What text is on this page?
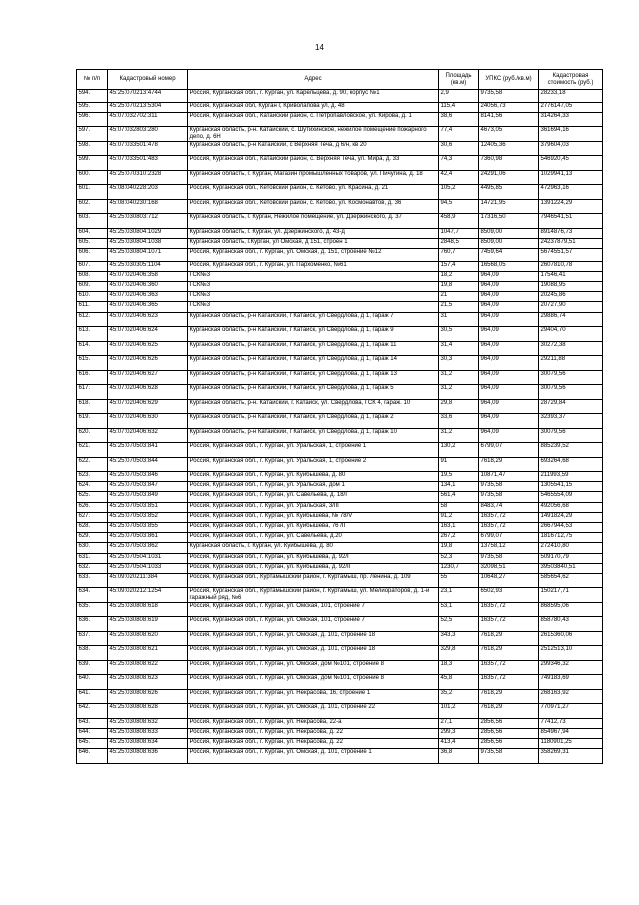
14
№ п/п	Кадастровый номер	Адрес	Площадь (кв.м)	УПКС (руб./кв.м)	Кадастровая стоимость (руб.)
594.	45:25:070213:4744	Россия, Курганская обл., г. Курган, ул. Карельцева, д. 90, корпус №1	2,9	9735,58	28233,18
595.	45:25:070213:5304	Россия, Курганская обл, Курган г, Криволапова ул, д. 48	115,4	24056,73	2776147,05
596.	45:07:032702:311	Россия, Курганская обл., Катайский район, с. Петропавловское, ул. Кирова, д. 1	38,6	8141,56	314264,33
597.	45:07:032803:280	Курганская область, р-н. Катайский, с. Шутихинское, нежилое помещение пожарного депо, д. 6Н	77,4	4673,05	361694,16
598.	45:07:033501:478	Курганская область, р-н Катайский, с Верхняя Теча, д 6/н, кв 20	30,6	12405,36	379604,03
599.	45:07:033501:483	Россия, Курганская обл., Катайский район, с. Верхняя Теча, ул. Мира, д. 33	74,3	7360,98	546920,45
600.	45:25:070310:2328	Курганская область, г. Курган, Магазин промышленных товаров, ул. Пичугина, д. 18	42,4	24291,06	1029941,13
601.	45:08:040228:203	Россия, Курганская обл., Кетовский район, с. Кетово, ул. Красина, д. 21	105,2	4495,85	472963,16
602.	45:08:040230:168	Россия, Курганская обл., Кетовский район, с. Кетово, ул. Космонавтов, д. 36	94,5	14721,95	1391224,29
603.	45:25:030803:712	Курганская область, г. Курган, Нежилое помещение, ул. Дзержинского, д. 37	458,9	17316,50	7946541,51
604.	45:25:030804:1029	Курганская область, г. Курган, ул. Дзержинского, д. 43-д	1047,7	8509,00	8914876,73
605.	45:25:030804:1038	Курганская область, г.Курган, ул Омская, д 151, строен 1	2848,5	8509,00	24237879,51
606.	45:25:030804:1071	Россия, Курганская обл., г. Курган, ул. Омская, д. 151, строение №12	760,7	7459,64	5674551,57
607.	45:25:030305:1104	Россия, Курганская обл., г. Курган, ул. Пархоменко, №61	157,4	16568,05	2607810,78
608.	45:07:020406:358	ГСК№3	18,2	964,09	17546,41
609.	45:07:020406:360	ГСК№3	19,8	964,09	19088,95
610.	45:07:020406:363	ГСК№3	21	964,09	20245,86
611.	45:07:020406:365	ГСК№3	21,5	964,09	20727,90
612.	45:07:020406:623	Курганская область, р-н Катайский, г Катайск, ул Свердлова, д 1, гараж 7	31	964,09	29886,74
613.	45:07:020406:624	Курганская область, р-н Катайский, г Катайск, ул Свердлова, д 1, гараж 9	30,5	964,09	29404,70
614.	45:07:020406:625	Курганская область, р-н Катайский, г Катайск, ул Свердлова, д 1, гараж 11	31,4	964,09	30272,38
615.	45:07:020406:626	Курганская область, р-н Катайский, г Катайск, ул Свердлова, д 1, гараж 14	30,3	964,09	29211,88
616.	45:07:020406:627	Курганская область, р-н Катайский, г Катайск, ул Свердлова, д 1, гараж 13	31,2	964,09	30079,56
617.	45:07:020406:628	Курганская область, р-н Катайский, г Катайск, ул Свердлова, д 1, гараж 5	31,2	964,09	30079,56
618.	45:07:020406:629	Курганская область, р-н. Катайский, г. Катайск, ул. Свердлова, ГСК 4, гараж. 10	29,8	964,09	28729,84
619.	45:07:020406:630	Курганская область, р-н Катайский, г Катайск, ул Свердлова, д 1, гараж 2	33,6	964,09	32393,37
620.	45:07:020406:632	Курганская область, р-н Катайский, г Катайск, ул Свердлова, д 1, гараж 10	31,2	964,09	30079,56
621.	45:25:070503:841	Россия, Курганская обл., г. Курган, ул. Уральская, 1, строение 1	130,2	6799,07	885239,52
622.	45:25:070503:844	Россия, Курганская обл., г. Курган, ул. Уральская, 1, строение 2	91	7618,29	693264,68
623.	45:25:070503:846	Россия, Курганская обл., г. Курган, ул. Куйбышева, д. 80	19,5	10871,47	211993,59
624.	45:25:070503:847	Россия, Курганская обл., г. Курган, ул. Уральская, дом 1	134,1	9735,58	1305541,15
625.	45:25:070503:849	Россия, Курганская обл., г. Курган, ул. Савельева, д. 18/I	561,4	9735,58	5465554,09
626.	45:25:070503:851	Россия, Курганская обл., г. Курган, ул. Уральская, 3/III	58	8483,74	492056,68
627.	45:25:070503:852	Россия, Курганская обл., г. Курган, ул. Куйбышева, № 78/V	91,2	16357,72	1491824,29
628.	45:25:070503:855	Россия, Курганская обл., г. Курган, ул. Куйбышева, 76 /II	163,1	16357,72	2667944,53
629.	45:25:070503:861	Россия, Курганская обл., г. Курган, ул. Савельева, д.20	267,2	6799,07	1816712,75
630.	45:25:070503:862	Курганская область, г. Курган, ул. Куйбышева, д. 80	19,8	13758,12	272410,80
631.	45:25:070504:1031	Россия, Курганская обл., г. Курган, ул. Куйбышева, д. 92/I	52,3	9735,58	509170,79
632.	45:25:070504:1033	Россия, Курганская обл., г. Курган, ул. Куйбышева, д. 92/II	1230,7	32098,51	39503840,51
633.	45:09:020211:384	Россия, Курганская обл., Куртамышский район, г. Куртамыш, пр. Ленина, д. 109	55	10648,27	585654,62
634.	45:09:020212:1254	Россия, Курганская обл., Куртамышский район, г. Куртамыш, ул. Мелиораторов, д. 1-й гаражный ряд, №6	23,1	6502,93	150217,71
635.	45:25:030808:618	Россия, Курганская обл., г. Курган, ул. Омская, 101, строение 7	53,1	16357,72	868595,06
636.	45:25:030808:619	Россия, Курганская обл., г. Курган, ул. Омская, 101, строение 7	52,5	16357,72	858780,43
637.	45:25:030808:620	Россия, Курганская обл., г. Курган, ул. Омская, д. 101, строение 18	343,3	7618,29	2615360,06
638.	45:25:030808:621	Россия, Курганская обл., г. Курган, ул. Омская, д. 101, строение 18	329,8	7618,29	2512513,10
639.	45:25:030808:622	Россия, Курганская обл., г. Курган, ул. Омская, дом №101, строение 8	18,3	16357,72	299346,32
640.	45:25:030808:623	Россия, Курганская обл., г. Курган, ул. Омская, дом №101, строение 8	45,8	16357,72	749183,69
641.	45:25:030808:626	Россия, Курганская обл., г. Курган, ул. Некрасова, 16, строение 1	35,2	7618,29	268163,92
642.	45:25:030808:628	Россия, Курганская обл., г. Курган, ул. Омская, д. 101, строение 22	101,2	7618,29	770971,27
643.	45:25:030808:632	Россия, Курганская обл., г. Курган, ул. Некрасова, 22-а	27,1	2856,56	77412,73
644.	45:25:030808:633	Россия, Курганская обл., г. Курган, ул. Некрасова, д. 22	299,3	2856,56	854967,94
645.	45:25:030808:634	Россия, Курганская обл., г. Курган, ул. Некрасова, д. 22	413,4	2856,56	1180901,25
646.	45:25:030808:636	Россия, Курганская обл., г. Курган, ул. Омская, д. 101, строение 1	36,8	9735,58	358269,31
